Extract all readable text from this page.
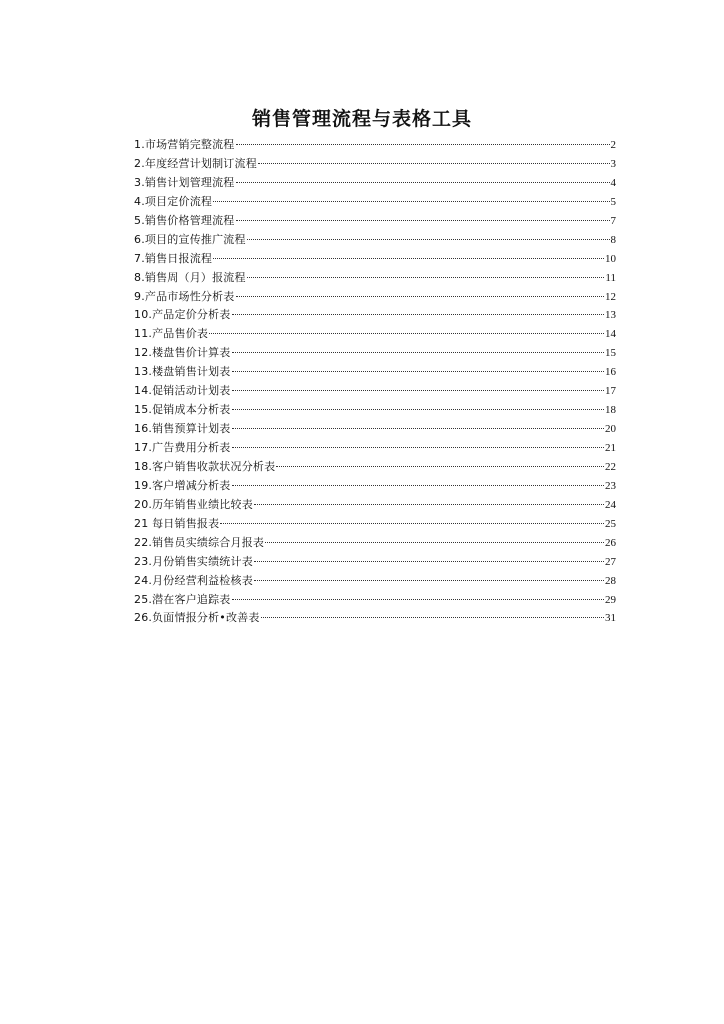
销售管理流程与表格工具
1.市场营销完整流程	2
2.年度经营计划制订流程	3
3.销售计划管理流程	4
4.项目定价流程	5
5.销售价格管理流程	7
6.项目的宣传推广流程	8
7.销售日报流程	10
8.销售周（月）报流程	11
9.产品市场性分析表	12
10.产品定价分析表	13
11.产品售价表	14
12.楼盘售价计算表	15
13.楼盘销售计划表	16
14.促销活动计划表	17
15.促销成本分析表	18
16.销售预算计划表	20
17.广告费用分析表	21
18.客户销售收款状况分析表	22
19.客户增减分析表	23
20.历年销售业绩比较表	24
21 每日销售报表	25
22.销售员实绩综合月报表	26
23.月份销售实绩统计表	27
24.月份经营利益检核表	28
25.潜在客户追踪表	29
26.负面情报分析•改善表	31
